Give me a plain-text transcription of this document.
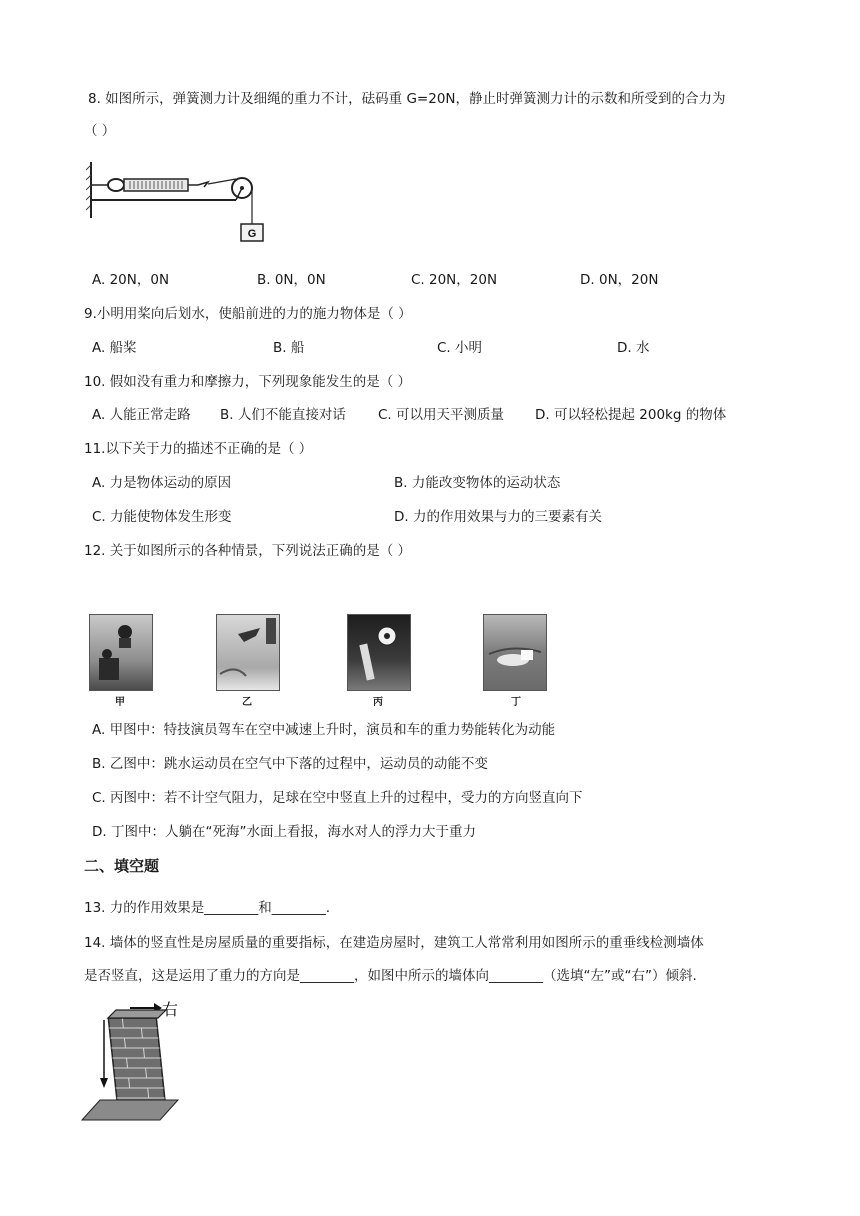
8. 如图所示，弹簧测力计及细绳的重力不计，砝码重 G=20N，静止时弹簧测力计的示数和所受到的合力为
（ ）
G
A. 20N，0N	B. 0N，0N	C. 20N，20N	D. 0N，20N
9.小明用桨向后划水，使船前进的力的施力物体是（ ）
A. 船桨	B. 船	C. 小明	D. 水
10. 假如没有重力和摩擦力，下列现象能发生的是（ ）
A. 人能正常走路 B. 人们不能直接对话 C. 可以用天平测质量 D. 可以轻松提起 200kg 的物体
11.以下关于力的描述不正确的是（ ）
A. 力是物体运动的原因	B. 力能改变物体的运动状态
C. 力能使物体发生形变	D. 力的作用效果与力的三要素有关
12. 关于如图所示的各种情景，下列说法正确的是（ ）
甲	乙	丙	丁
A. 甲图中：特技演员驾车在空中减速上升时，演员和车的重力势能转化为动能
B. 乙图中：跳水运动员在空气中下落的过程中，运动员的动能不变
C. 丙图中：若不计空气阻力，足球在空中竖直上升的过程中，受力的方向竖直向下
D. 丁图中：人躺在“死海”水面上看报，海水对人的浮力大于重力
二、填空题
13. 力的作用效果是________和________.
14. 墙体的竖直性是房屋质量的重要指标，在建造房屋时，建筑工人常常利用如图所示的重垂线检测墙体
是否竖直，这是运用了重力的方向是________，如图中所示的墙体向________（选填“左”或“右”）倾斜.
右
